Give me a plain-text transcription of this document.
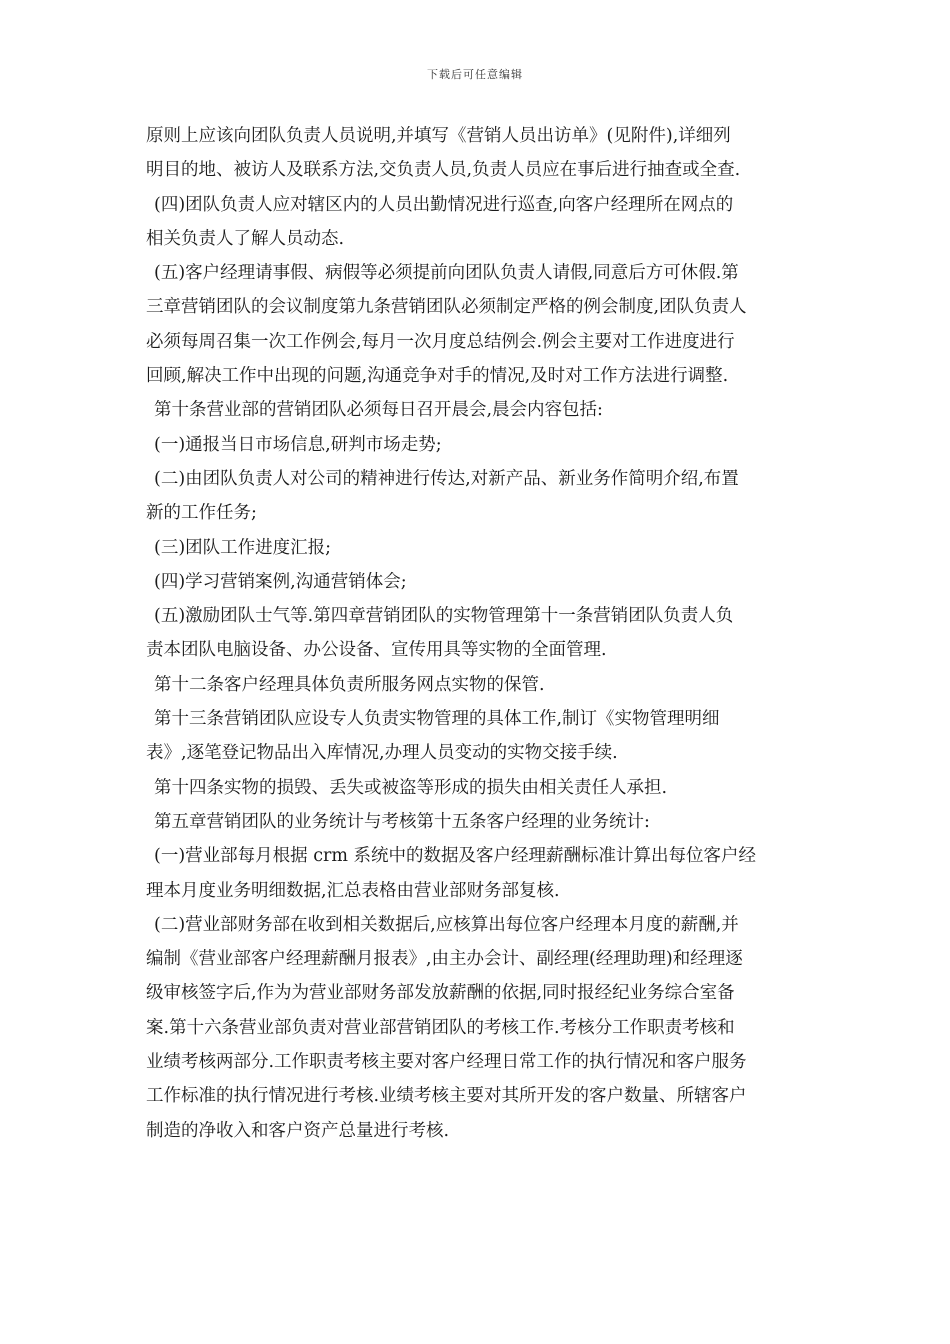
下载后可任意编辑
原则上应该向团队负责人员说明,并填写《营销人员出访单》(见附件),详细列
明目的地、被访人及联系方法,交负责人员,负责人员应在事后进行抽查或全查.
(四)团队负责人应对辖区内的人员出勤情况进行巡查,向客户经理所在网点的
相关负责人了解人员动态.
(五)客户经理请事假、病假等必须提前向团队负责人请假,同意后方可休假.第
三章营销团队的会议制度第九条营销团队必须制定严格的例会制度,团队负责人
必须每周召集一次工作例会,每月一次月度总结例会.例会主要对工作进度进行
回顾,解决工作中出现的问题,沟通竞争对手的情况,及时对工作方法进行调整.
第十条营业部的营销团队必须每日召开晨会,晨会内容包括:
(一)通报当日市场信息,研判市场走势;
(二)由团队负责人对公司的精神进行传达,对新产品、新业务作简明介绍,布置
新的工作任务;
(三)团队工作进度汇报;
(四)学习营销案例,沟通营销体会;
(五)激励团队士气等.第四章营销团队的实物管理第十一条营销团队负责人负
责本团队电脑设备、办公设备、宣传用具等实物的全面管理.
第十二条客户经理具体负责所服务网点实物的保管.
第十三条营销团队应设专人负责实物管理的具体工作,制订《实物管理明细
表》,逐笔登记物品出入库情况,办理人员变动的实物交接手续.
第十四条实物的损毁、丢失或被盗等形成的损失由相关责任人承担.
第五章营销团队的业务统计与考核第十五条客户经理的业务统计:
(一)营业部每月根据 crm 系统中的数据及客户经理薪酬标准计算出每位客户经
理本月度业务明细数据,汇总表格由营业部财务部复核.
(二)营业部财务部在收到相关数据后,应核算出每位客户经理本月度的薪酬,并
编制《营业部客户经理薪酬月报表》,由主办会计、副经理(经理助理)和经理逐
级审核签字后,作为为营业部财务部发放薪酬的依据,同时报经纪业务综合室备
案.第十六条营业部负责对营业部营销团队的考核工作.考核分工作职责考核和
业绩考核两部分.工作职责考核主要对客户经理日常工作的执行情况和客户服务
工作标准的执行情况进行考核.业绩考核主要对其所开发的客户数量、所辖客户
制造的净收入和客户资产总量进行考核.
